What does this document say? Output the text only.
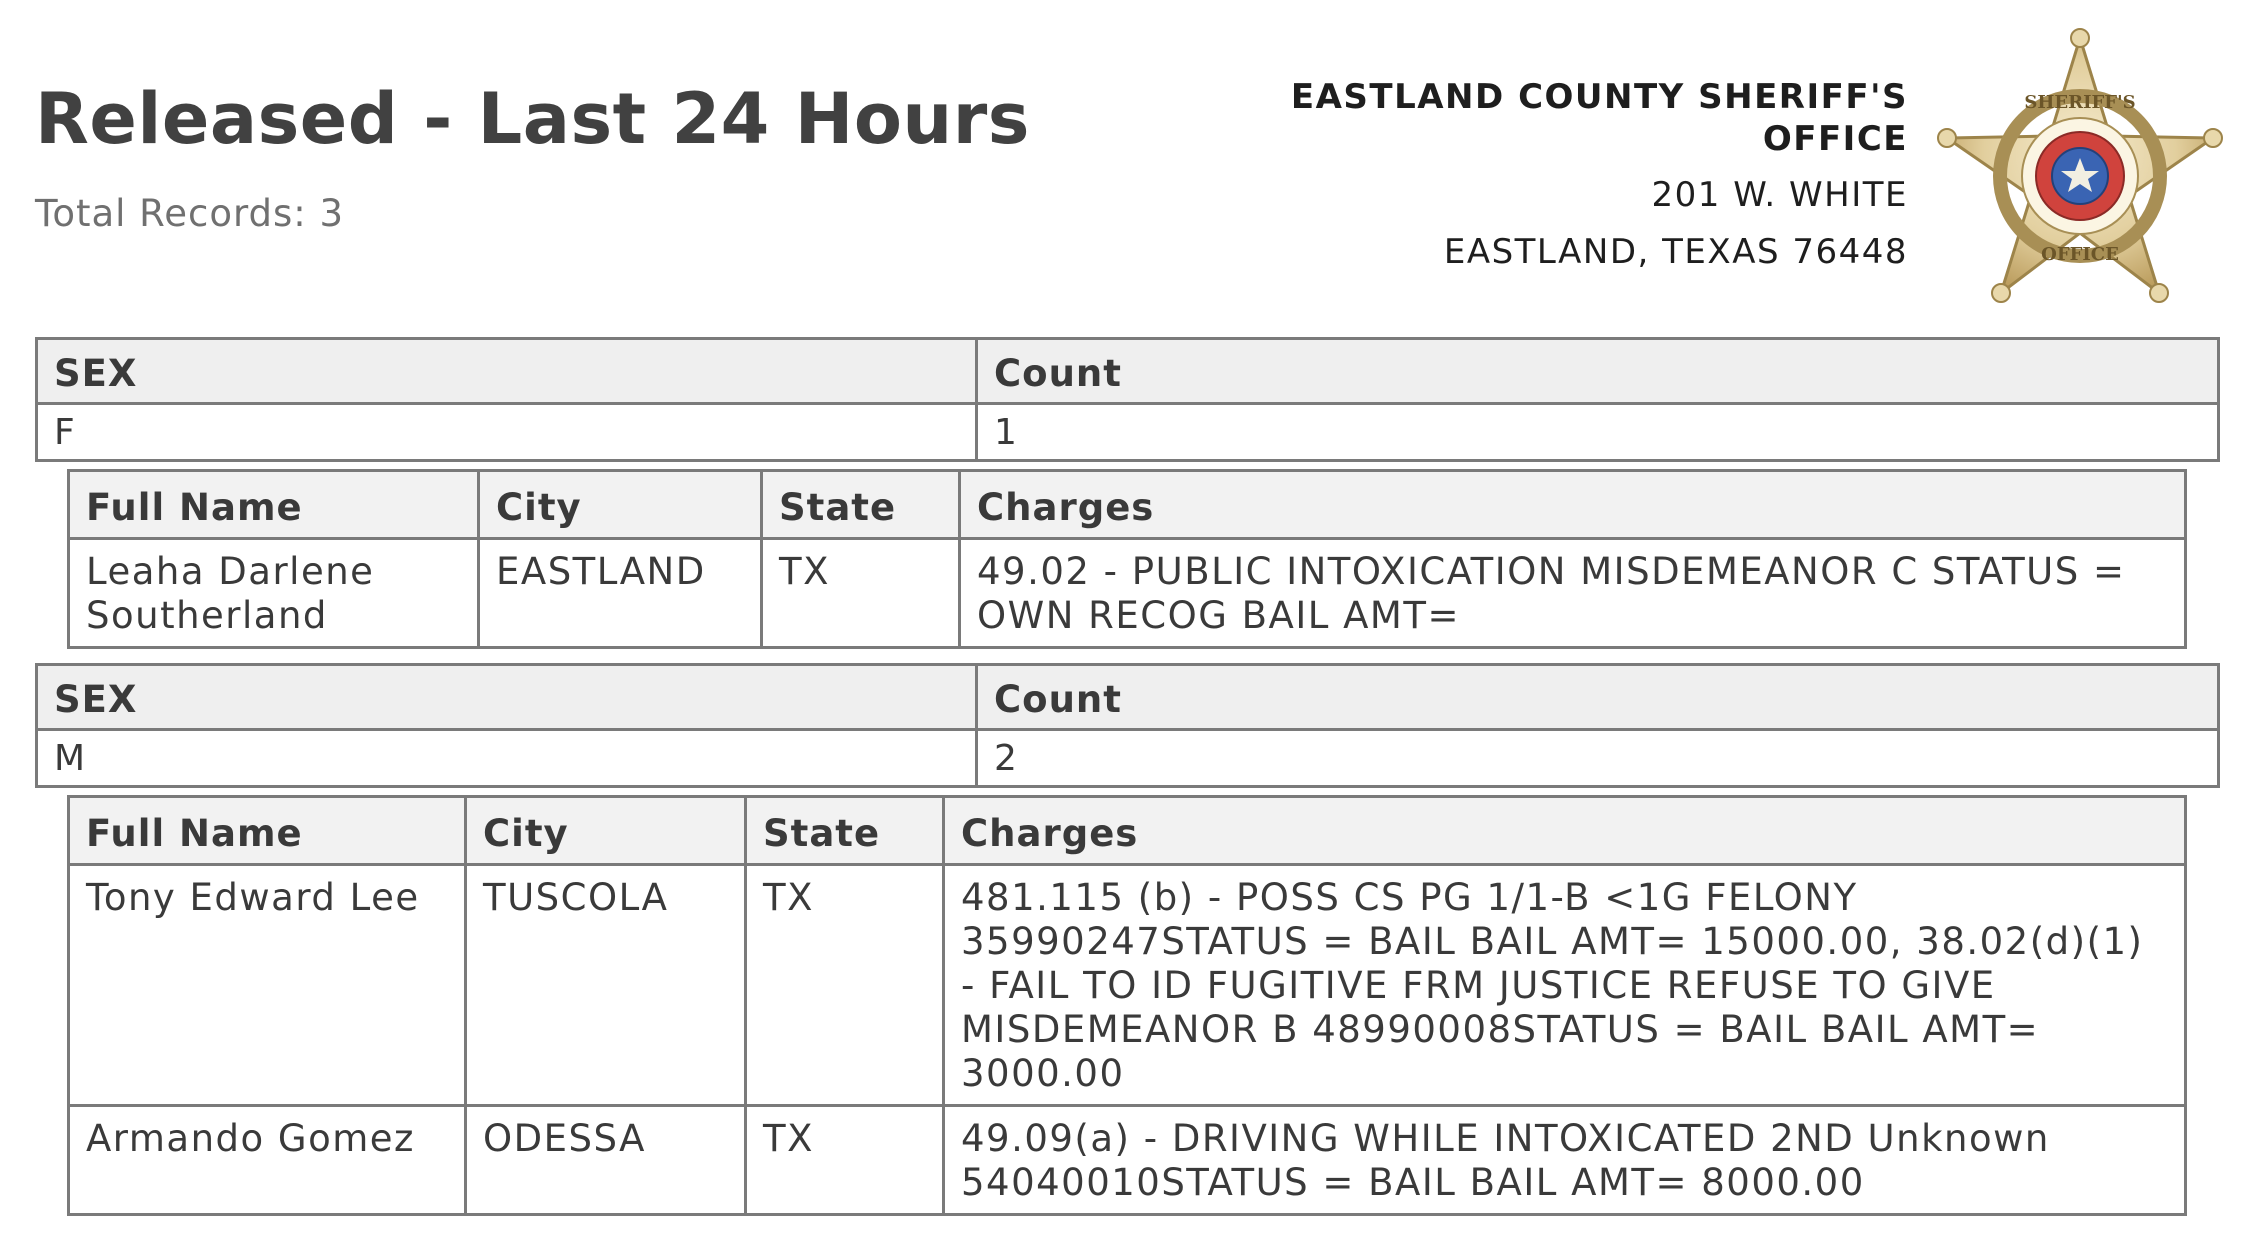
Released - Last 24 Hours
Total Records: 3
EASTLAND COUNTY SHERIFF'S OFFICE
201 W. WHITE
EASTLAND, TEXAS 76448
SHERIFF'S
OFFICE
SEX	Count
F	1
Full Name	City	State	Charges
Leaha Darlene Southerland	EASTLAND	TX	49.02 - PUBLIC INTOXICATION MISDEMEANOR C STATUS = OWN RECOG BAIL AMT=
SEX	Count
M	2
Full Name	City	State	Charges
Tony Edward Lee	TUSCOLA	TX	481.115 (b) - POSS CS PG 1/1-B <1G FELONY 35990247STATUS = BAIL BAIL AMT= 15000.00, 38.02(d)(1) - FAIL TO ID FUGITIVE FRM JUSTICE REFUSE TO GIVE MISDEMEANOR B 48990008STATUS = BAIL BAIL AMT= 3000.00
Armando Gomez	ODESSA	TX	49.09(a) - DRIVING WHILE INTOXICATED 2ND Unknown 54040010STATUS = BAIL BAIL AMT= 8000.00
